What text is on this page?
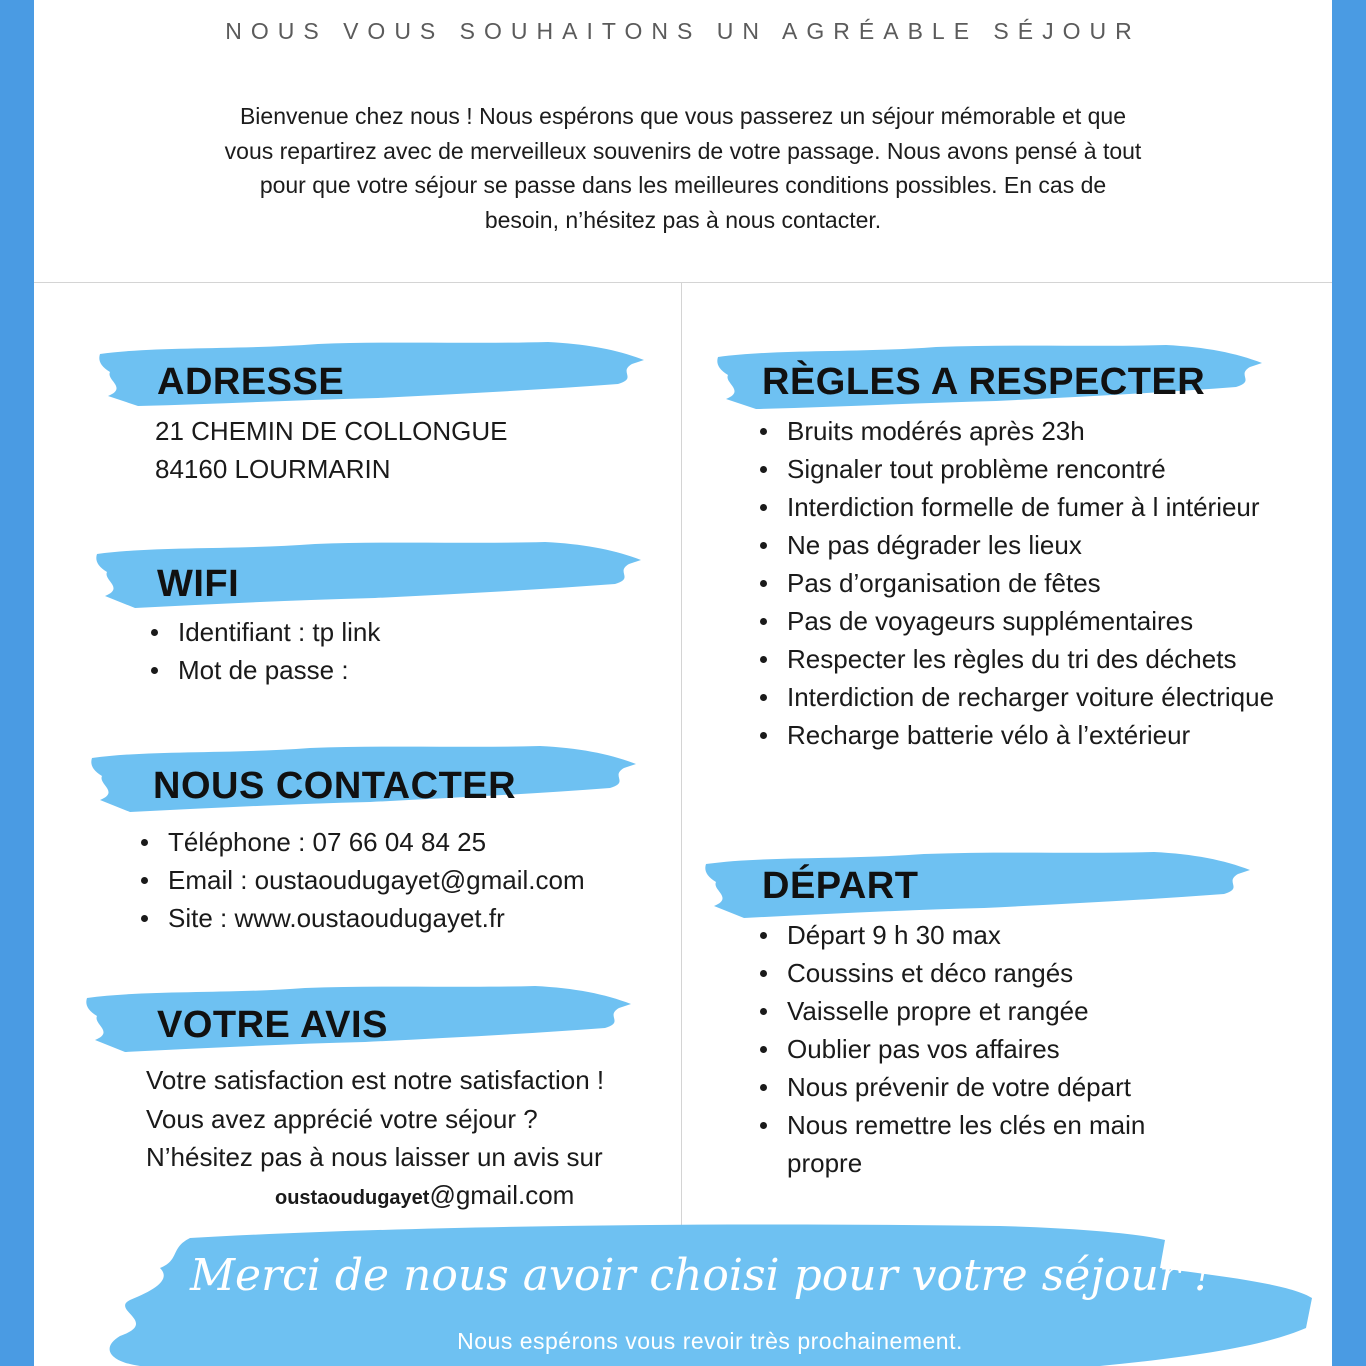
NOUS VOUS SOUHAITONS UN AGRÉABLE SÉJOUR

Bienvenue chez nous ! Nous espérons que vous passerez un séjour mémorable et que
vous repartirez avec de merveilleux souvenirs de votre passage. Nous avons pensé à tout
pour que votre séjour se passe dans les meilleures conditions possibles. En cas de
besoin, n’hésitez pas à nous contacter.

ADRESSE

21 CHEMIN DE COLLONGUE

84160 LOURMARIN

WIFI
Identifiant : tp link
Mot de passe :
NOUS CONTACTER
Téléphone : 07 66 04 84 25
Email : oustaoudugayet@gmail.com
Site : www.oustaoudugayet.fr
VOTRE AVIS

Votre satisfaction est notre satisfaction !

Vous avez apprécié votre séjour ?

N’hésitez pas à nous laisser un avis sur

oustaoudugayet@gmail.com

RÈGLES A RESPECTER
Bruits modérés après 23h
Signaler tout problème rencontré
Interdiction formelle de fumer à l intérieur
Ne pas dégrader les lieux
Pas d’organisation de fêtes
Pas de voyageurs supplémentaires
Respecter les règles du tri des déchets
Interdiction de recharger voiture électrique
Recharge batterie vélo à l’extérieur
DÉPART
Départ 9 h 30 max
Coussins et déco rangés
Vaisselle propre et rangée
Oublier pas vos affaires
Nous prévenir de votre départ
Nous remettre les clés en main
propre

Merci de nous avoir choisi pour votre séjour !

Nous espérons vous revoir très prochainement.
